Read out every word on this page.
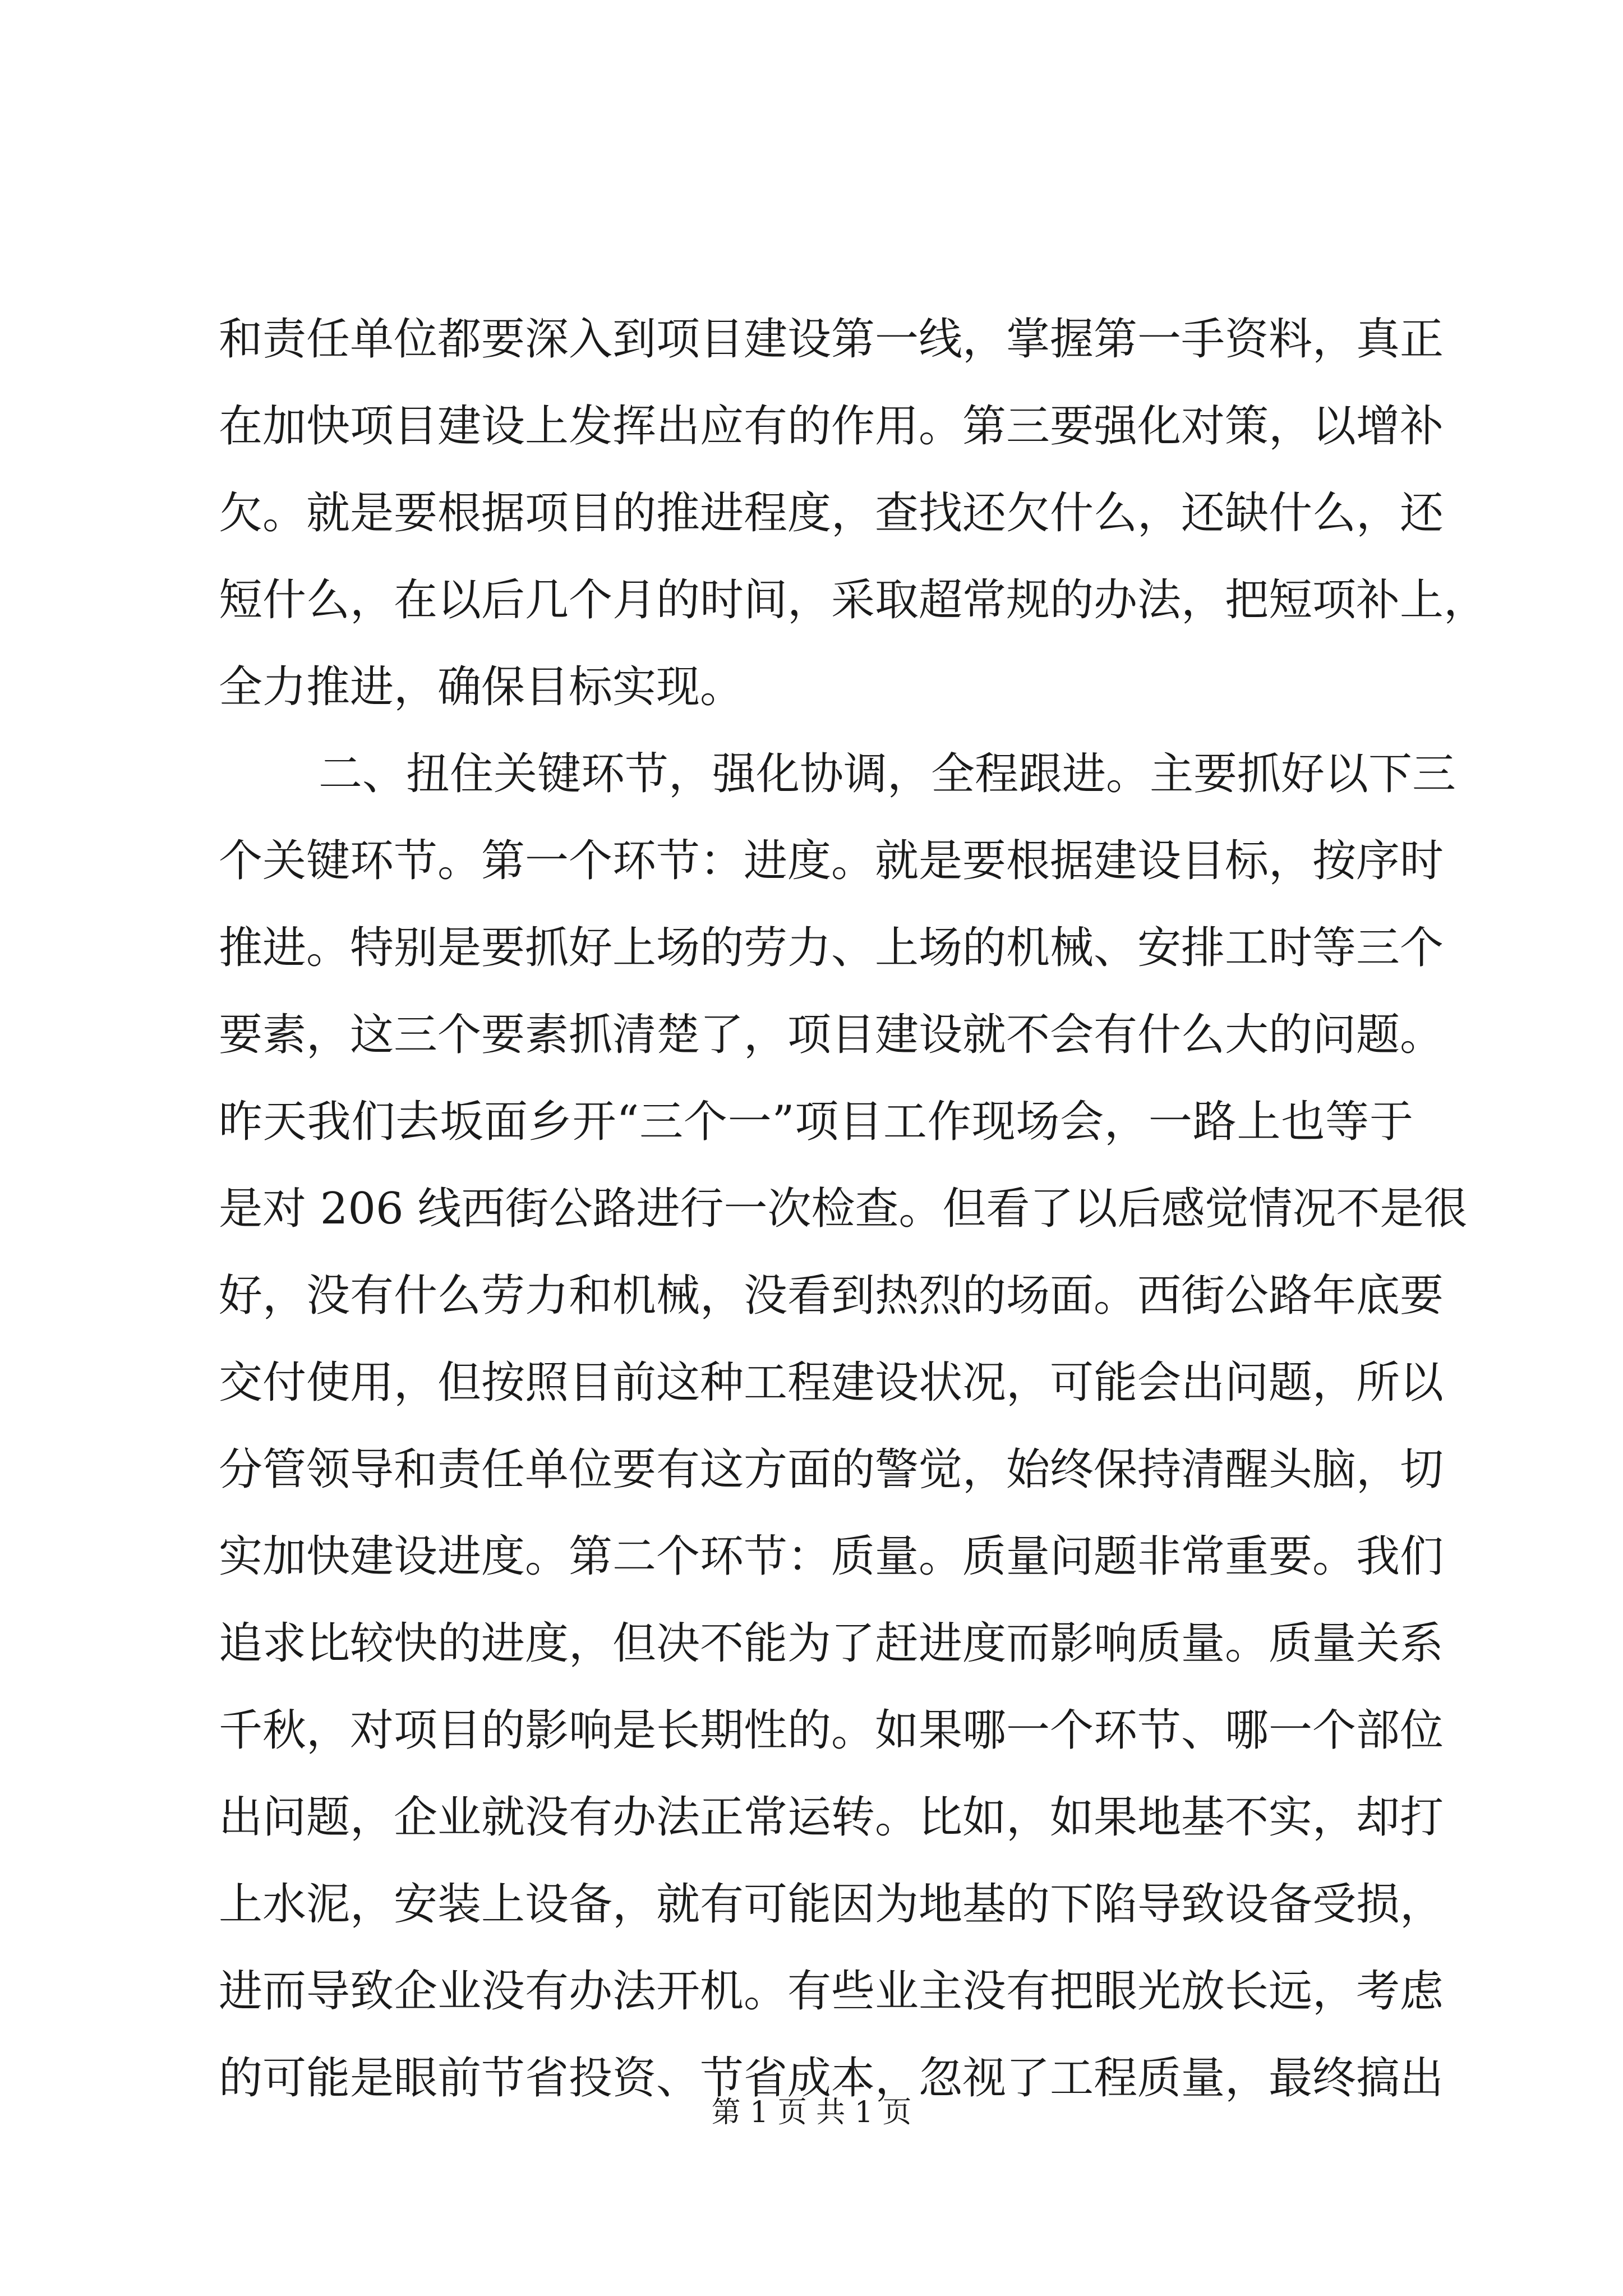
和责任单位都要深入到项目建设第一线，掌握第一手资料，真正
在加快项目建设上发挥出应有的作用。第三要强化对策，以增补
欠。就是要根据项目的推进程度，查找还欠什么，还缺什么，还
短什么，在以后几个月的时间，采取超常规的办法，把短项补上，
全力推进，确保目标实现。
二、扭住关键环节，强化协调，全程跟进。主要抓好以下三
个关键环节。第一个环节：进度。就是要根据建设目标，按序时
推进。特别是要抓好上场的劳力、上场的机械、安排工时等三个
要素，这三个要素抓清楚了，项目建设就不会有什么大的问题。
昨天我们去坂面乡开“三个一”项目工作现场会，一路上也等于
是对 206 线西街公路进行一次检查。但看了以后感觉情况不是很
好，没有什么劳力和机械，没看到热烈的场面。西街公路年底要
交付使用，但按照目前这种工程建设状况，可能会出问题，所以
分管领导和责任单位要有这方面的警觉，始终保持清醒头脑，切
实加快建设进度。第二个环节：质量。质量问题非常重要。我们
追求比较快的进度，但决不能为了赶进度而影响质量。质量关系
千秋，对项目的影响是长期性的。如果哪一个环节、哪一个部位
出问题，企业就没有办法正常运转。比如，如果地基不实，却打
上水泥，安装上设备，就有可能因为地基的下陷导致设备受损，
进而导致企业没有办法开机。有些业主没有把眼光放长远，考虑
的可能是眼前节省投资、节省成本，忽视了工程质量，最终搞出
第 1 页 共 1 页
